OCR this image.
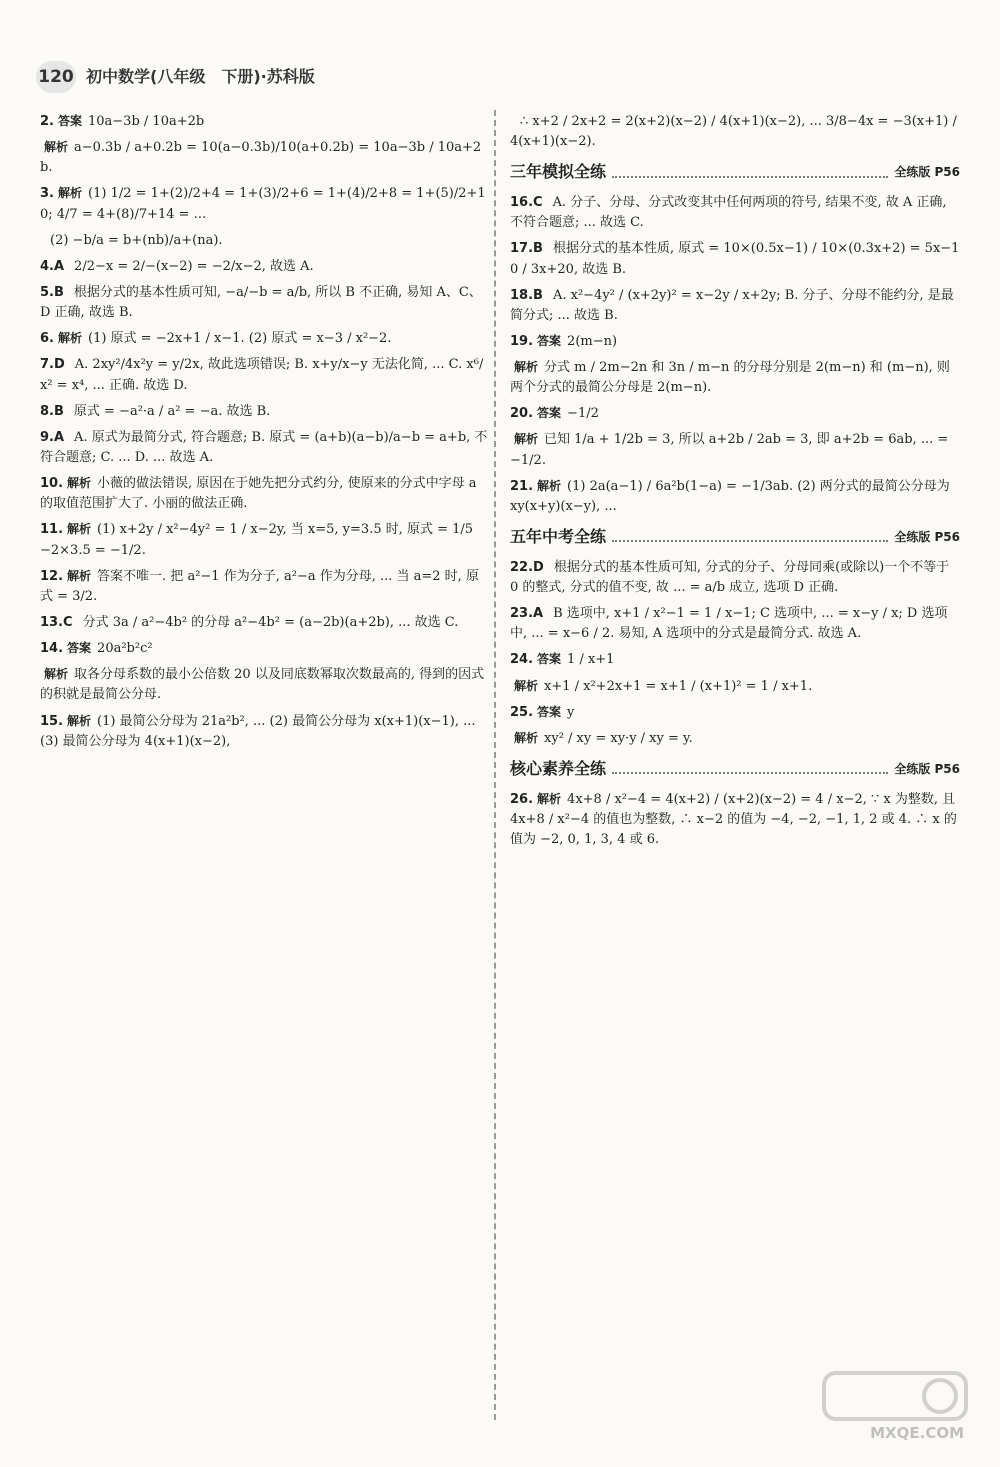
120 初中数学(八年级　下册)·苏科版
2. 答案 10a−3b / 10a+2b
解析 a−0.3b / a+0.2b = 10(a−0.3b)/10(a+0.2b) = 10a−3b / 10a+2b.
3. 解析 (1) 1/2 = 1+(2)/2+4 = 1+(3)/2+6 = 1+(4)/2+8 = 1+(5)/2+10; 4/7 = 4+(8)/7+14 = ...
(2) −b/a = b+(nb)/a+(na).
4.A 2/2−x = 2/−(x−2) = −2/x−2, 故选 A.
5.B 根据分式的基本性质可知, −a/−b = a/b, 所以 B 不正确, 易知 A、C、D 正确, 故选 B.
6. 解析 (1) 原式 = −2x+1 / x−1. (2) 原式 = x−3 / x²−2.
7.D A. 2xy²/4x²y = y/2x, 故此选项错误; B. x+y/x−y 无法化简, ... C. x⁶/x² = x⁴, ... 正确. 故选 D.
8.B 原式 = −a²·a / a² = −a. 故选 B.
9.A A. 原式为最简分式, 符合题意; B. 原式 = (a+b)(a−b)/a−b = a+b, 不符合题意; C. ... D. ... 故选 A.
10. 解析 小薇的做法错误, 原因在于她先把分式约分, 使原来的分式中字母 a 的取值范围扩大了. 小丽的做法正确.
11. 解析 (1) x+2y / x²−4y² = 1 / x−2y, 当 x=5, y=3.5 时, 原式 = 1/5−2×3.5 = −1/2.
12. 解析 答案不唯一. 把 a²−1 作为分子, a²−a 作为分母, ... 当 a=2 时, 原式 = 3/2.
13.C 分式 3a / a²−4b² 的分母 a²−4b² = (a−2b)(a+2b), ... 故选 C.
14. 答案 20a²b²c²
解析 取各分母系数的最小公倍数 20 以及同底数幂取次数最高的, 得到的因式的积就是最简公分母.
15. 解析 (1) 最简公分母为 21a²b², ... (2) 最简公分母为 x(x+1)(x−1), ... (3) 最简公分母为 4(x+1)(x−2),
∴ x+2 / 2x+2 = 2(x+2)(x−2) / 4(x+1)(x−2), ... 3/8−4x = −3(x+1) / 4(x+1)(x−2).
三年模拟全练	全练版 P56
16.C A. 分子、分母、分式改变其中任何两项的符号, 结果不变, 故 A 正确, 不符合题意; ... 故选 C.
17.B 根据分式的基本性质, 原式 = 10×(0.5x−1) / 10×(0.3x+2) = 5x−10 / 3x+20, 故选 B.
18.B A. x²−4y² / (x+2y)² = x−2y / x+2y; B. 分子、分母不能约分, 是最简分式; ... 故选 B.
19. 答案 2(m−n)
解析 分式 m / 2m−2n 和 3n / m−n 的分母分别是 2(m−n) 和 (m−n), 则两个分式的最简公分母是 2(m−n).
20. 答案 −1/2
解析 已知 1/a + 1/2b = 3, 所以 a+2b / 2ab = 3, 即 a+2b = 6ab, ... = −1/2.
21. 解析 (1) 2a(a−1) / 6a²b(1−a) = −1/3ab. (2) 两分式的最简公分母为 xy(x+y)(x−y), ...
五年中考全练	全练版 P56
22.D 根据分式的基本性质可知, 分式的分子、分母同乘(或除以)一个不等于 0 的整式, 分式的值不变, 故 ... = a/b 成立, 选项 D 正确.
23.A B 选项中, x+1 / x²−1 = 1 / x−1; C 选项中, ... = x−y / x; D 选项中, ... = x−6 / 2. 易知, A 选项中的分式是最简分式. 故选 A.
24. 答案 1 / x+1
解析 x+1 / x²+2x+1 = x+1 / (x+1)² = 1 / x+1.
25. 答案 y
解析 xy² / xy = xy·y / xy = y.
核心素养全练	全练版 P56
26. 解析 4x+8 / x²−4 = 4(x+2) / (x+2)(x−2) = 4 / x−2, ∵ x 为整数, 且 4x+8 / x²−4 的值也为整数, ∴ x−2 的值为 −4, −2, −1, 1, 2 或 4. ∴ x 的值为 −2, 0, 1, 3, 4 或 6.
MXQE.COM
